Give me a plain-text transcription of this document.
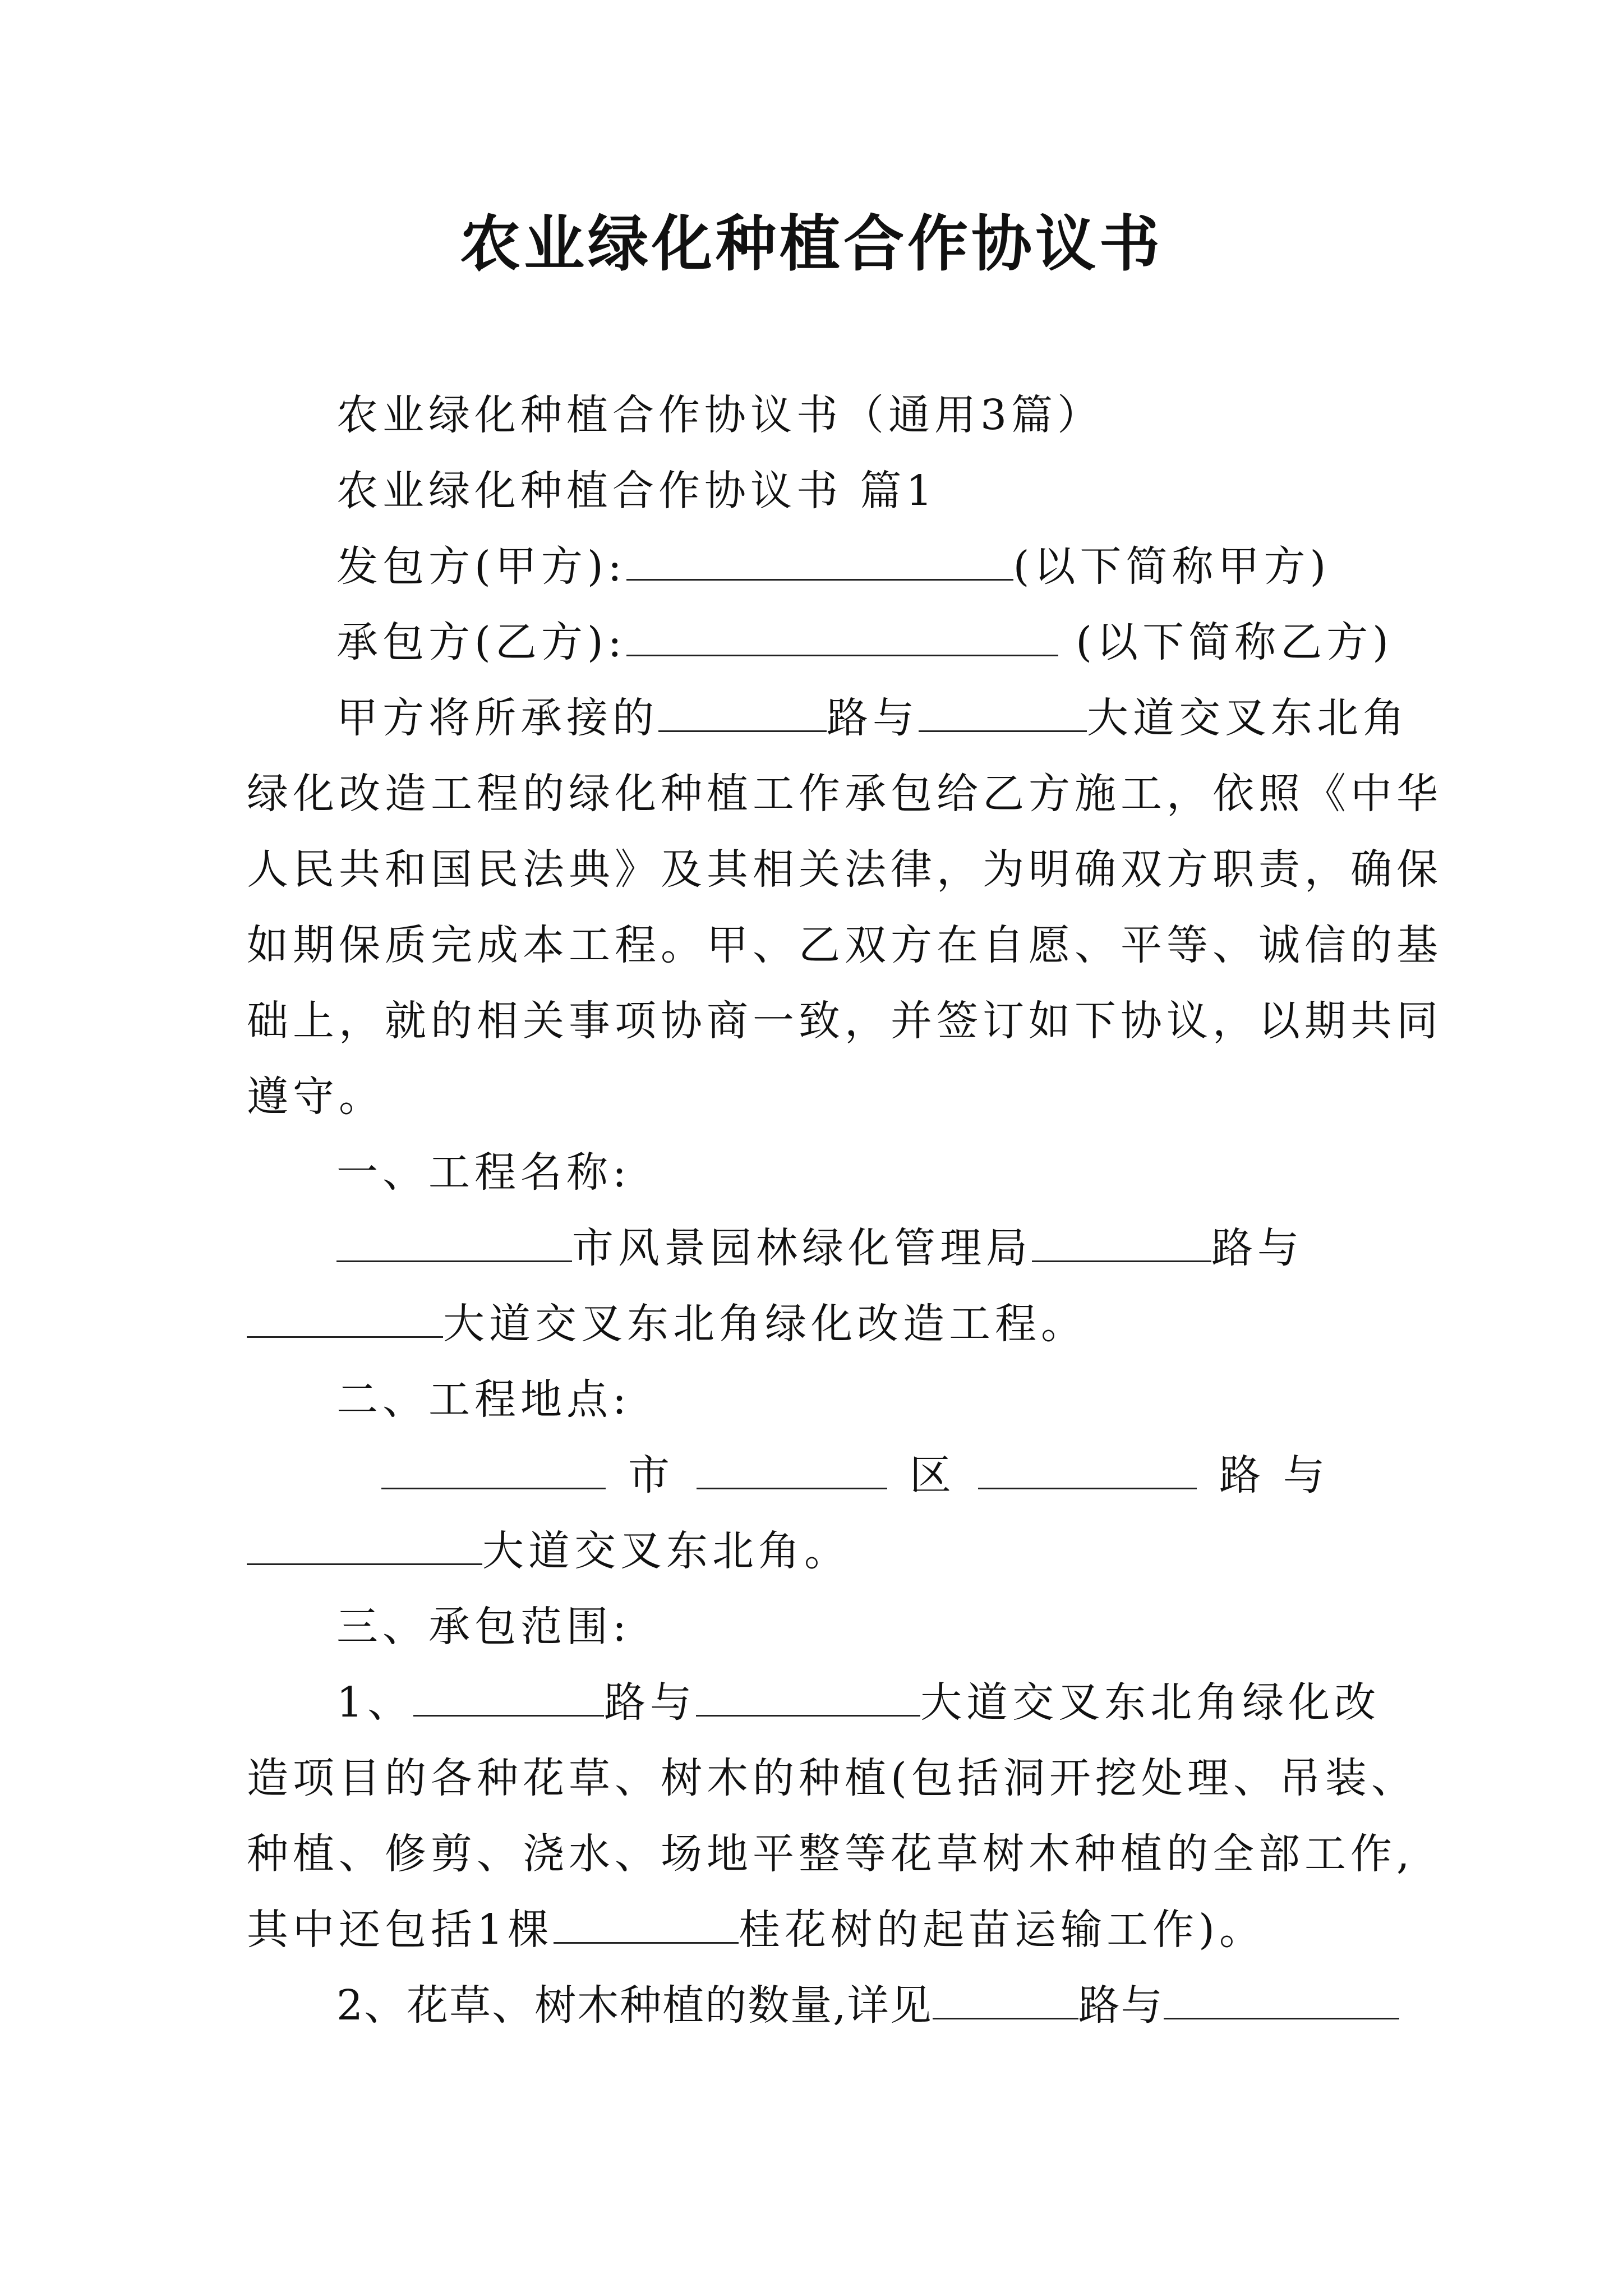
农业绿化种植合作协议书
农业绿化种植合作协议书（通用3篇）
农业绿化种植合作协议书 篇1
发包方(甲方):	(以下简称甲方)
承包方(乙方):	(以下简称乙方)
甲方将所承接的	路与	大道交叉东北角
绿化改造工程的绿化种植工作承包给乙方施工，依照《中华
人民共和国民法典》及其相关法律，为明确双方职责，确保
如期保质完成本工程。甲、乙双方在自愿、平等、诚信的基
础上，就的相关事项协商一致，并签订如下协议，以期共同
遵守。
一、工程名称:
市风景园林绿化管理局	路与
大道交叉东北角绿化改造工程。
二、工程地点:
市	区	路与
大道交叉东北角。
三、承包范围:
1、	路与	大道交叉东北角绿化改
造项目的各种花草、树木的种植(包括洞开挖处理、吊装、
种植、修剪、浇水、场地平整等花草树木种植的全部工作,
其中还包括1棵	桂花树的起苗运输工作)。
2、花草、树木种植的数量,详见	路与
